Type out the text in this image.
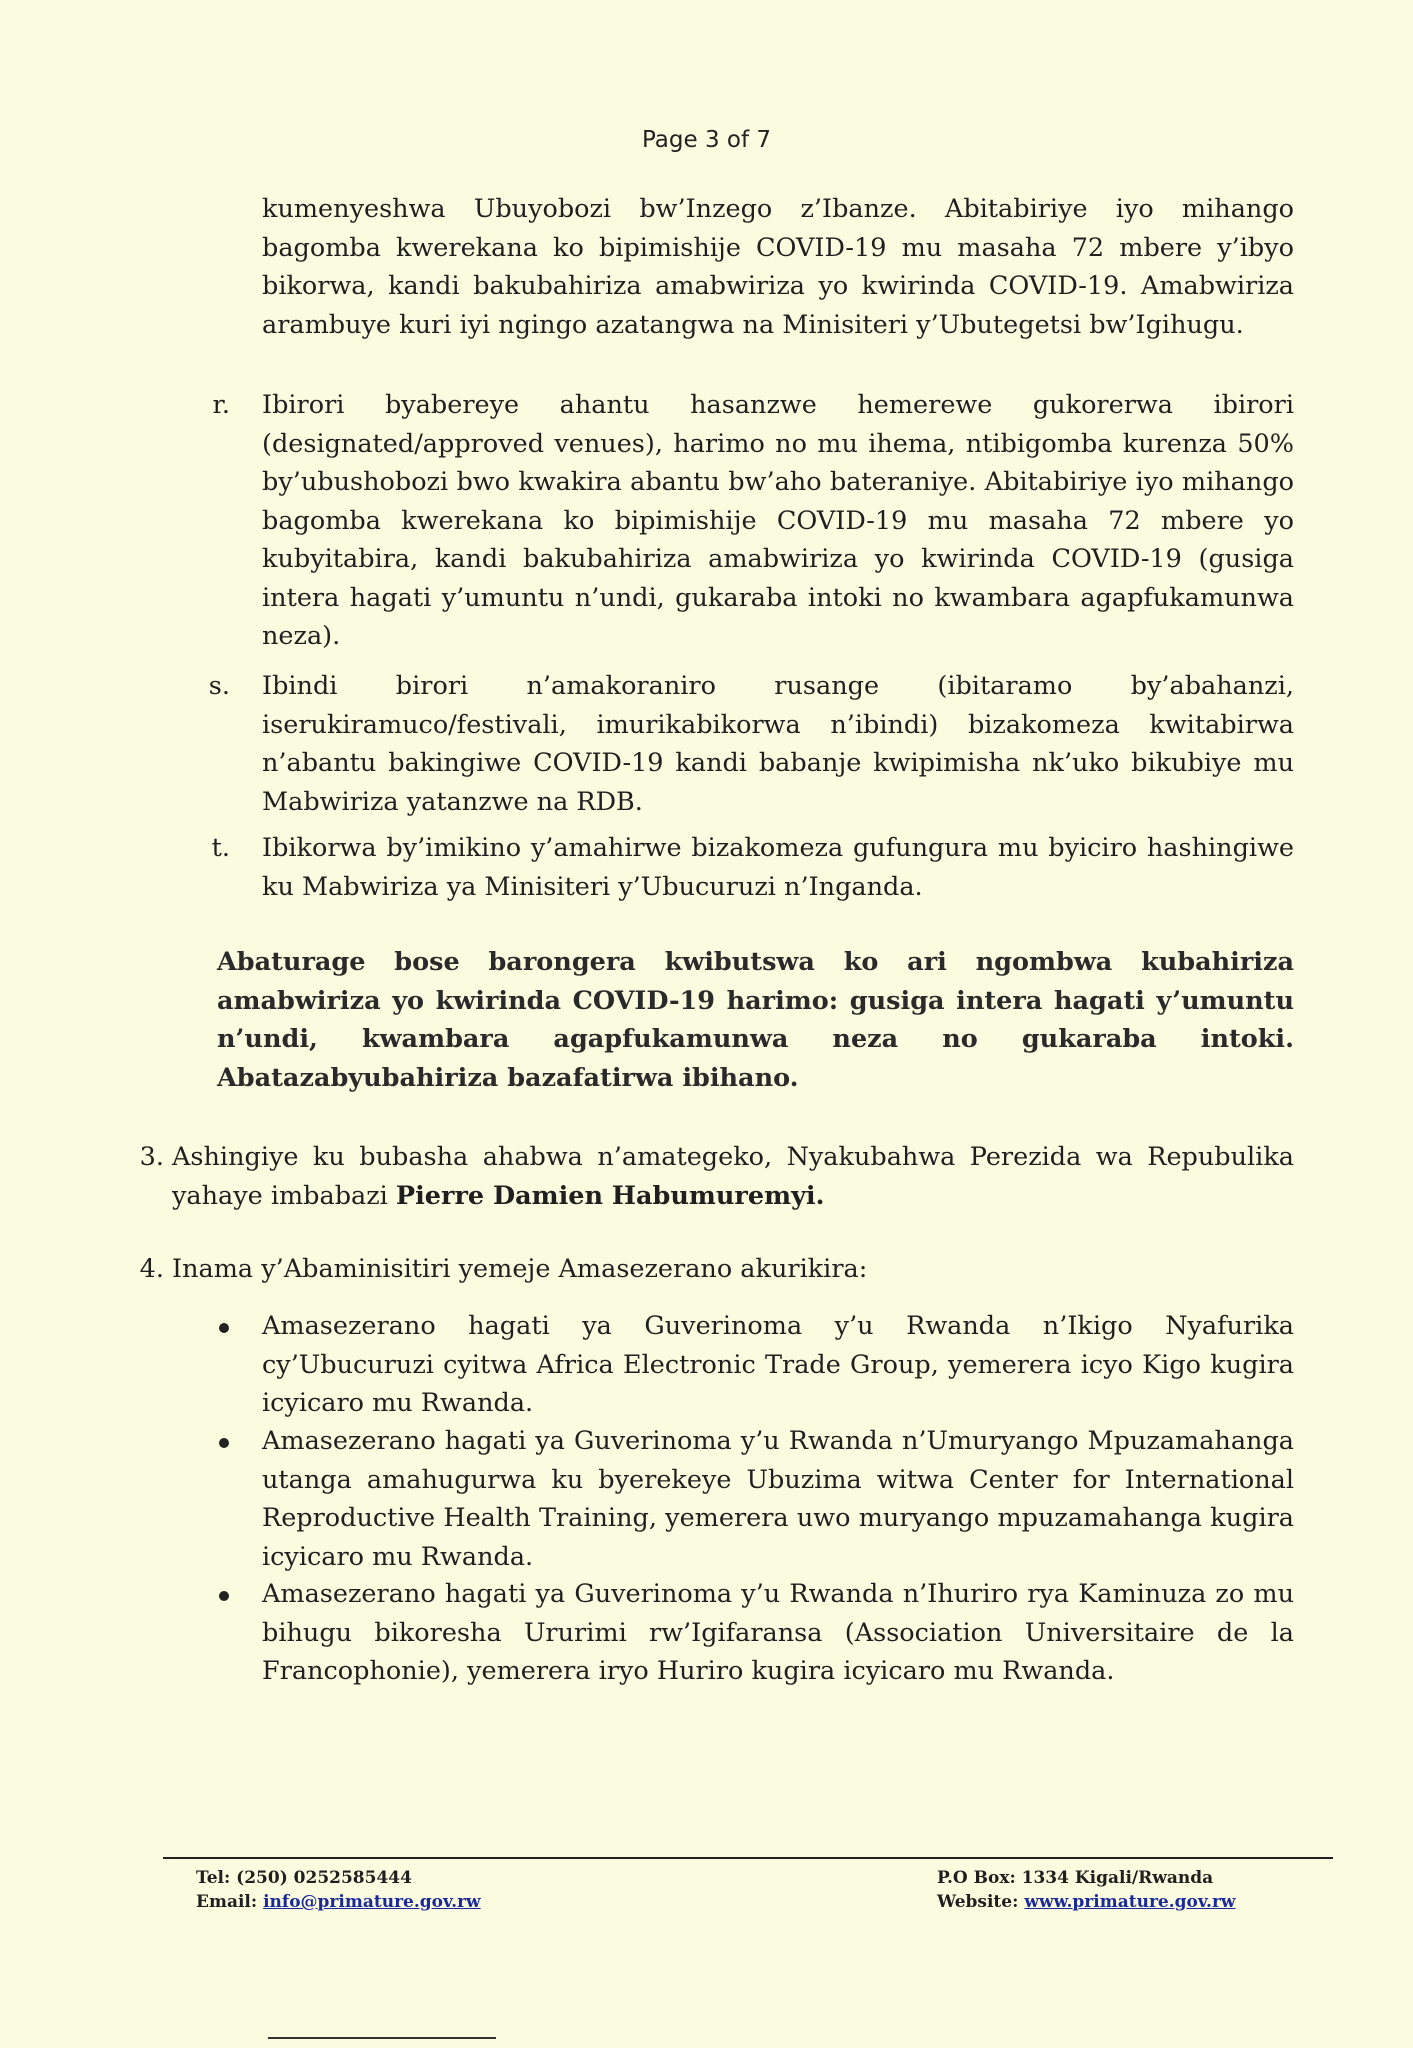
Page 3 of 7
kumenyeshwa Ubuyobozi bw’Inzego z’Ibanze. Abitabiriye iyo mihango bagomba kwerekana ko bipimishije COVID-19 mu masaha 72 mbere y’ibyo bikorwa, kandi bakubahiriza amabwiriza yo kwirinda COVID-19. Amabwiriza arambuye kuri iyi ngingo azatangwa na Minisiteri y’Ubutegetsi bw’Igihugu.
r. Ibirori byabereye ahantu hasanzwe hemerewe gukorerwa ibirori (designated/approved venues), harimo no mu ihema, ntibigomba kurenza 50% by’ubushobozi bwo kwakira abantu bw’aho bateraniye. Abitabiriye iyo mihango bagomba kwerekana ko bipimishije COVID-19 mu masaha 72 mbere yo kubyitabira, kandi bakubahiriza amabwiriza yo kwirinda COVID-19 (gusiga intera hagati y’umuntu n’undi, gukaraba intoki no kwambara agapfukamunwa neza).
s. Ibindi birori n’amakoraniro rusange (ibitaramo by’abahanzi, iserukiramuco/festivali, imurikabikorwa n’ibindi) bizakomeza kwitabirwa n’abantu bakingiwe COVID-19 kandi babanje kwipimisha nk’uko bikubiye mu Mabwiriza yatanzwe na RDB.
t. Ibikorwa by’imikino y’amahirwe bizakomeza gufungura mu byiciro hashingiwe ku Mabwiriza ya Minisiteri y’Ubucuruzi n’Inganda.
Abaturage bose barongera kwibutswa ko ari ngombwa kubahiriza amabwiriza yo kwirinda COVID-19 harimo: gusiga intera hagati y’umuntu n’undi, kwambara agapfukamunwa neza no gukaraba intoki. Abatazabyubahiriza bazafatirwa ibihano.
3. Ashingiye ku bubasha ahabwa n’amategeko, Nyakubahwa Perezida wa Repubulika yahaye imbabazi Pierre Damien Habumuremyi.
4. Inama y’Abaminisitiri yemeje Amasezerano akurikira:
Amasezerano hagati ya Guverinoma y’u Rwanda n’Ikigo Nyafurika cy’Ubucuruzi cyitwa Africa Electronic Trade Group, yemerera icyo Kigo kugira icyicaro mu Rwanda.
Amasezerano hagati ya Guverinoma y’u Rwanda n’Umuryango Mpuzamahanga utanga amahugurwa ku byerekeye Ubuzima witwa Center for International Reproductive Health Training, yemerera uwo muryango mpuzamahanga kugira icyicaro mu Rwanda.
Amasezerano hagati ya Guverinoma y’u Rwanda n’Ihuriro rya Kaminuza zo mu bihugu bikoresha Ururimi rw’Igifaransa (Association Universitaire de la Francophonie), yemerera iryo Huriro kugira icyicaro mu Rwanda.
Tel: (250) 0252585444
Email: info@primature.gov.rw
P.O Box: 1334 Kigali/Rwanda
Website: www.primature.gov.rw
